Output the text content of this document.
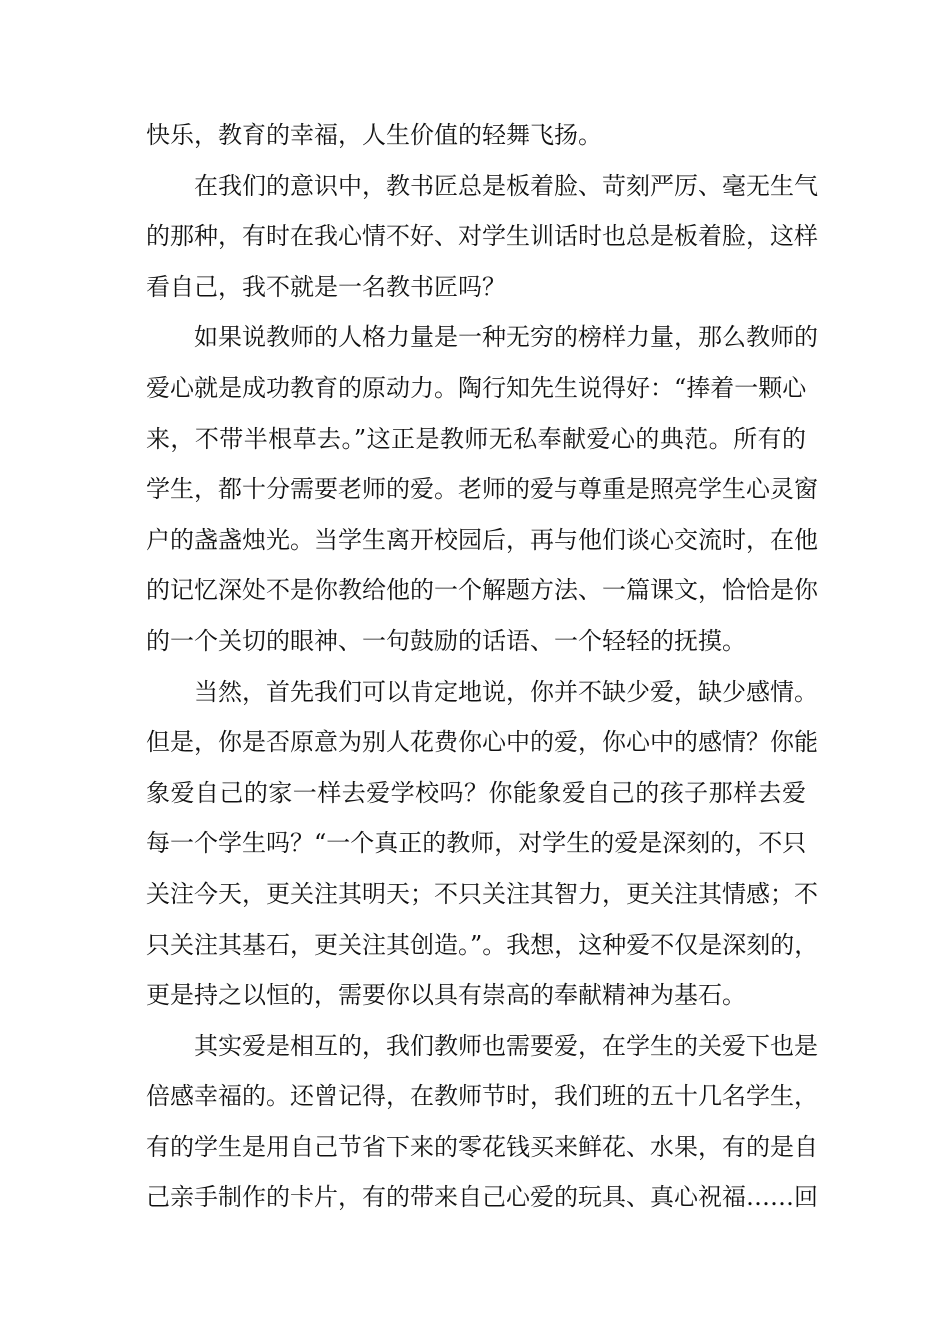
快乐，教育的幸福，人生价值的轻舞飞扬。

在我们的意识中，教书匠总是板着脸、苛刻严厉、毫无生气
的那种，有时在我心情不好、对学生训话时也总是板着脸，这样
看自己，我不就是一名教书匠吗？

如果说教师的人格力量是一种无穷的榜样力量，那么教师的
爱心就是成功教育的原动力。陶行知先生说得好：“捧着一颗心
来，不带半根草去。”这正是教师无私奉献爱心的典范。所有的
学生，都十分需要老师的爱。老师的爱与尊重是照亮学生心灵窗
户的盏盏烛光。当学生离开校园后，再与他们谈心交流时，在他
的记忆深处不是你教给他的一个解题方法、一篇课文，恰恰是你
的一个关切的眼神、一句鼓励的话语、一个轻轻的抚摸。

当然，首先我们可以肯定地说，你并不缺少爱，缺少感情。
但是，你是否原意为别人花费你心中的爱，你心中的感情？你能
象爱自己的家一样去爱学校吗？你能象爱自己的孩子那样去爱
每一个学生吗？“一个真正的教师，对学生的爱是深刻的，不只
关注今天，更关注其明天；不只关注其智力，更关注其情感；不
只关注其基石，更关注其创造。”。我想，这种爱不仅是深刻的，
更是持之以恒的，需要你以具有崇高的奉献精神为基石。

其实爱是相互的，我们教师也需要爱，在学生的关爱下也是
倍感幸福的。还曾记得，在教师节时，我们班的五十几名学生，
有的学生是用自己节省下来的零花钱买来鲜花、水果，有的是自
己亲手制作的卡片，有的带来自己心爱的玩具、真心祝福……回
